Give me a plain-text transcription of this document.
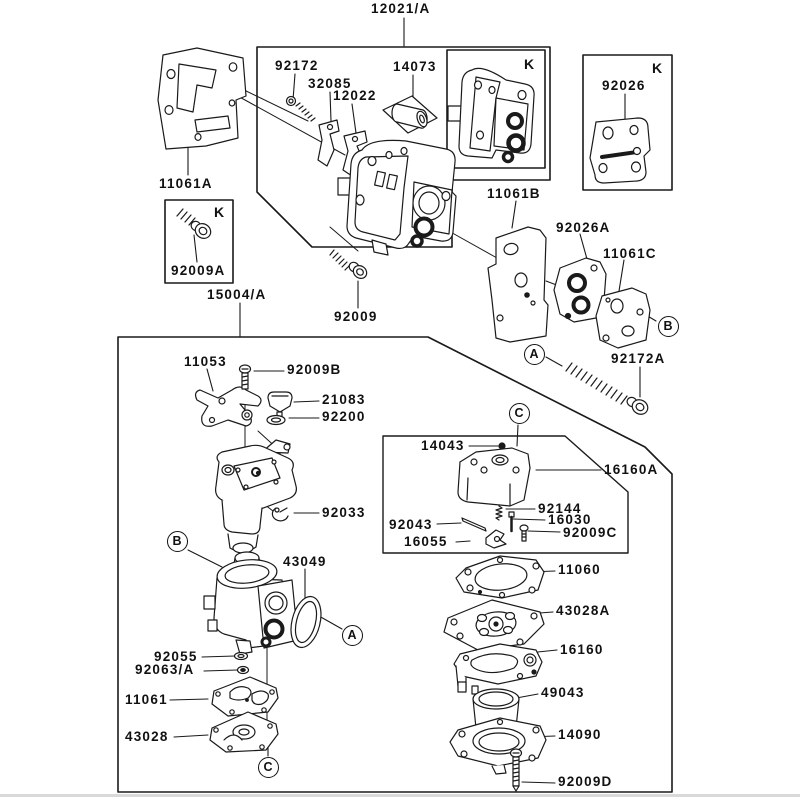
12021/A
92172
32085
12022
14073
92026
11061A
92009A
15004/A
92009
11061B
92026A
11061C
92172A
11053
92009B
21083
92200
92033
43049
92055
92063/A
11061
43028
14043
16160A
92144
16030
92043
92009C
16055
11060
43028A
16160
49043
14090
92009D
K	K
K
A
A
B
B
C
C
